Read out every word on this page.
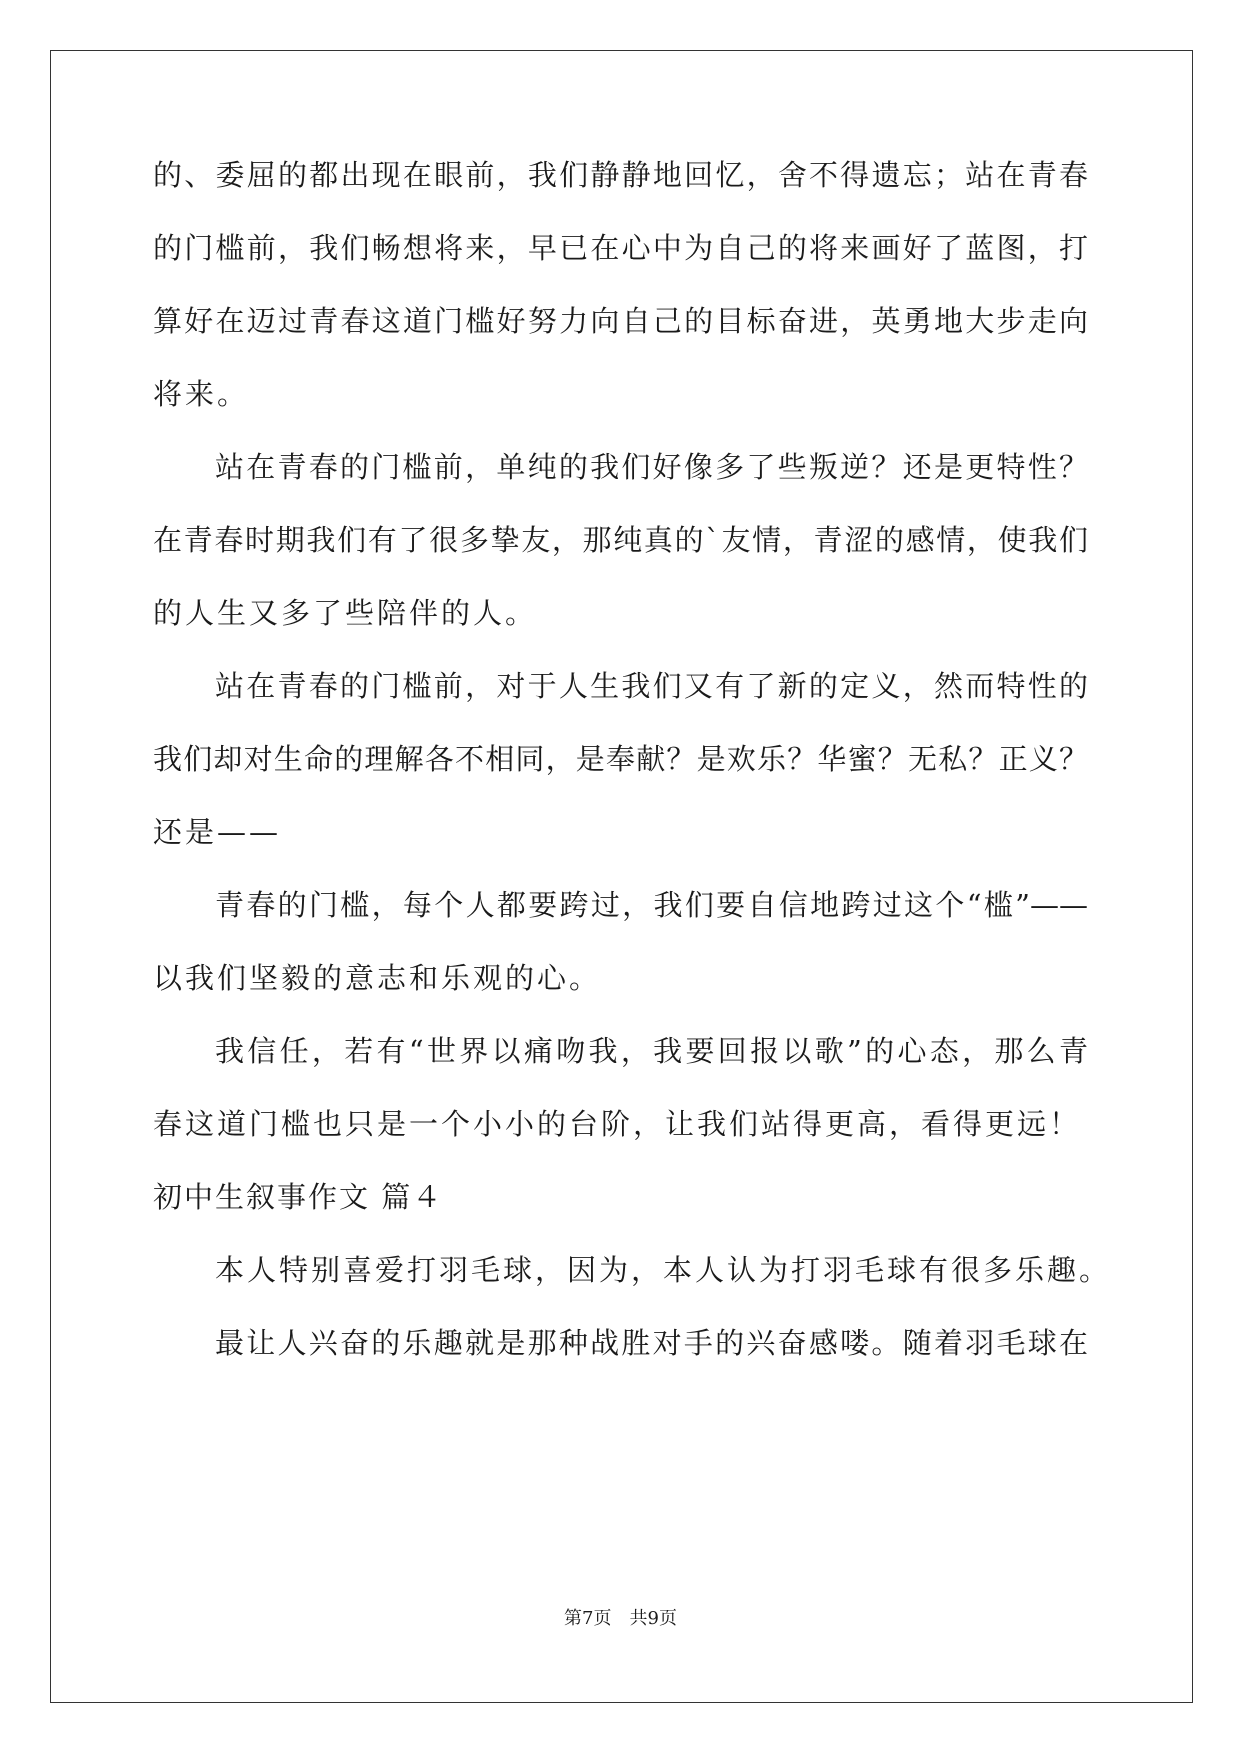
的、委屈的都出现在眼前，我们静静地回忆，舍不得遗忘；站在青春
的门槛前，我们畅想将来，早已在心中为自己的将来画好了蓝图，打
算好在迈过青春这道门槛好努力向自己的目标奋进，英勇地大步走向
将来。
站在青春的门槛前，单纯的我们好像多了些叛逆？还是更特性？
在青春时期我们有了很多挚友，那纯真的`友情，青涩的感情，使我们
的人生又多了些陪伴的人。
站在青春的门槛前，对于人生我们又有了新的定义，然而特性的
我们却对生命的理解各不相同，是奉献？是欢乐？华蜜？无私？正义？
还是——
青春的门槛，每个人都要跨过，我们要自信地跨过这个“槛”——
以我们坚毅的意志和乐观的心。
我信任，若有“世界以痛吻我，我要回报以歌”的心态，那么青
春这道门槛也只是一个小小的台阶，让我们站得更高，看得更远！
初中生叙事作文 篇４
本人特别喜爱打羽毛球，因为，本人认为打羽毛球有很多乐趣。
最让人兴奋的乐趣就是那种战胜对手的兴奋感喽。随着羽毛球在
第7页 共9页
